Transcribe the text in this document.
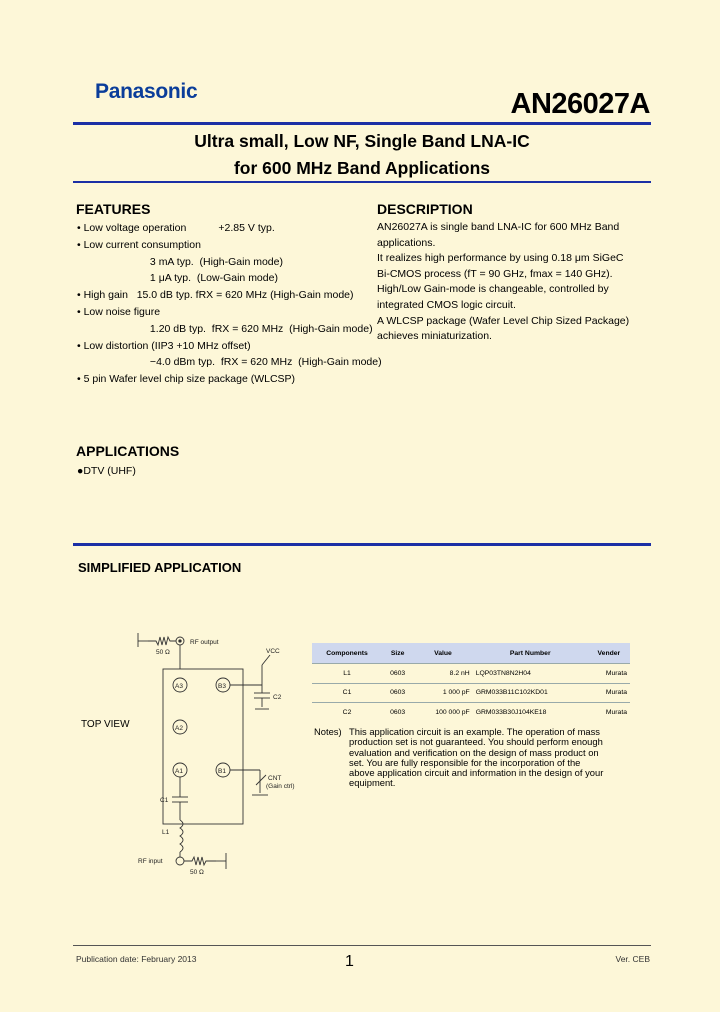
Panasonic	AN26027A
Ultra small, Low NF, Single Band LNA-IC
for 600 MHz Band Applications
FEATURES
• Low voltage operation           +2.85 V typ.
• Low current consumption
3 mA typ.  (High-Gain mode)
1 μA typ.  (Low-Gain mode)
• High gain   15.0 dB typ. fRX = 620 MHz (High-Gain mode)
• Low noise figure
1.20 dB typ.  fRX = 620 MHz  (High-Gain mode)
• Low distortion (IIP3 +10 MHz offset)
−4.0 dBm typ.  fRX = 620 MHz  (High-Gain mode)
• 5 pin Wafer level chip size package (WLCSP)
DESCRIPTION
AN26027A is single band LNA-IC for 600 MHz Band
applications.
It realizes high performance by using 0.18 μm SiGeC
Bi-CMOS process (fT = 90 GHz, fmax = 140 GHz).
High/Low Gain-mode is changeable, controlled by
integrated CMOS logic circuit.
A WLCSP package (Wafer Level Chip Sized Package)
achieves miniaturization.
APPLICATIONS
●DTV (UHF)
SIMPLIFIED APPLICATION
RF output
50 Ω	VCC
C2
CNT
(Gain ctrl)
C1
L1
RF input
50 Ω
A3	B3
A2
A1	B1
TOP VIEW
Components	Size	Value	Part Number	Vender
L1	0603	8.2 nH	LQP03TN8N2H04	Murata
C1	0603	1 000 pF	GRM033B11C102KD01	Murata
C2	0603	100 000 pF	GRM033B30J104KE18	Murata
Notes) This application circuit is an example. The operation of mass
production set is not guaranteed. You should perform enough
evaluation and verification on the design of mass product on
set. You are fully responsible for the incorporation of the
above application circuit and information in the design of your
equipment.
Publication date: February 2013	1	Ver. CEB
